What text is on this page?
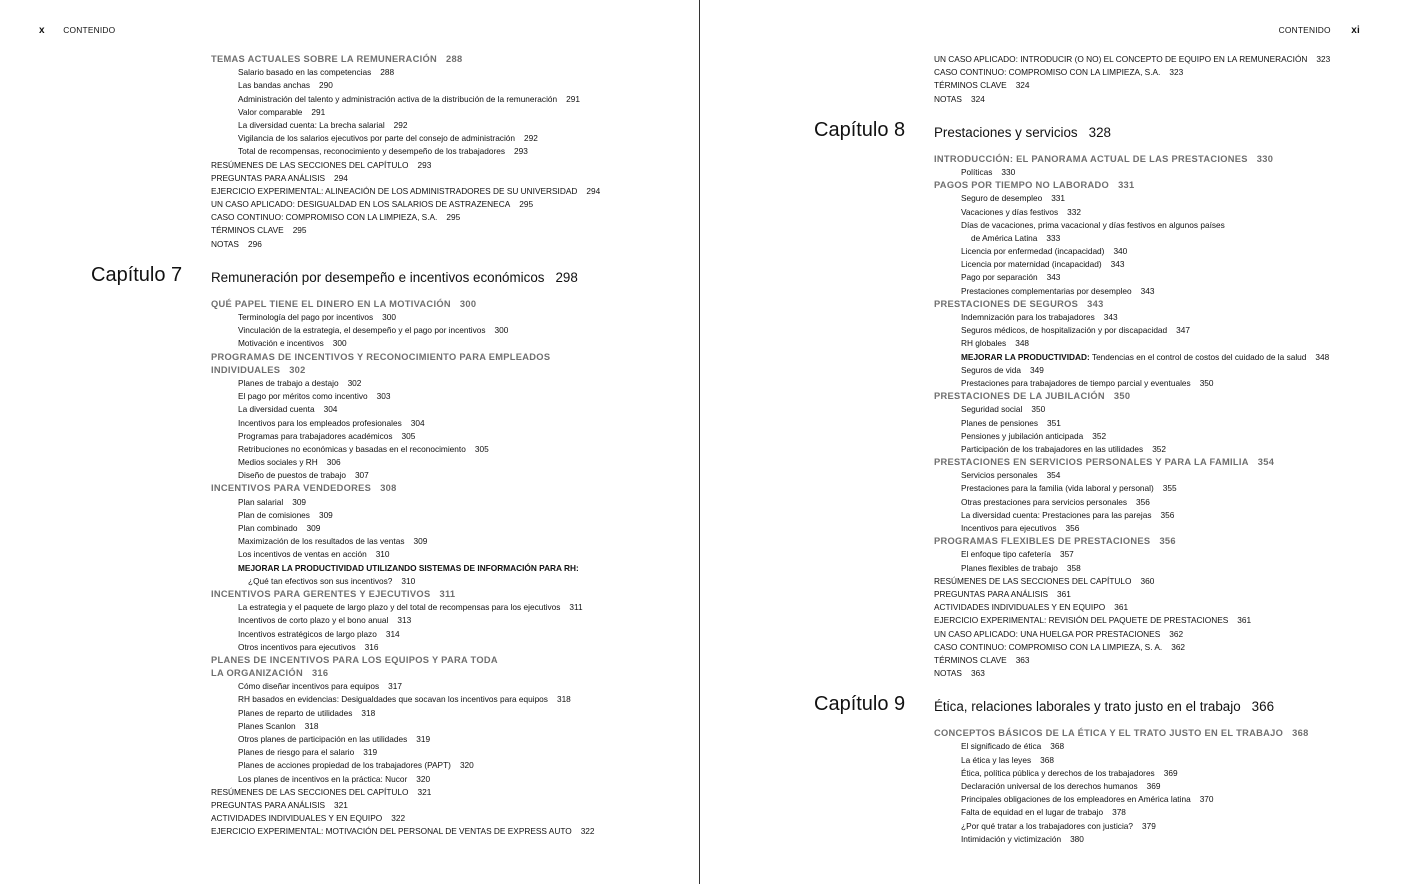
x CONTENIDO
TEMAS ACTUALES SOBRE LA REMUNERACIÓN 288
Salario basado en las competencias 288
Las bandas anchas 290
Administración del talento y administración activa de la distribución de la remuneración 291
Valor comparable 291
La diversidad cuenta: La brecha salarial 292
Vigilancia de los salarios ejecutivos por parte del consejo de administración 292
Total de recompensas, reconocimiento y desempeño de los trabajadores 293
RESÚMENES DE LAS SECCIONES DEL CAPÍTULO 293
PREGUNTAS PARA ANÁLISIS 294
EJERCICIO EXPERIMENTAL: ALINEACIÓN DE LOS ADMINISTRADORES DE SU UNIVERSIDAD 294
UN CASO APLICADO: DESIGUALDAD EN LOS SALARIOS DE ASTRAZENECA 295
CASO CONTINUO: COMPROMISO CON LA LIMPIEZA, S.A. 295
TÉRMINOS CLAVE 295
NOTAS 296
Capítulo 7 Remuneración por desempeño e incentivos económicos 298
QUÉ PAPEL TIENE EL DINERO EN LA MOTIVACIÓN 300
Terminología del pago por incentivos 300
Vinculación de la estrategia, el desempeño y el pago por incentivos 300
Motivación e incentivos 300
PROGRAMAS DE INCENTIVOS Y RECONOCIMIENTO PARA EMPLEADOS
INDIVIDUALES 302
Planes de trabajo a destajo 302
El pago por méritos como incentivo 303
La diversidad cuenta 304
Incentivos para los empleados profesionales 304
Programas para trabajadores académicos 305
Retribuciones no económicas y basadas en el reconocimiento 305
Medios sociales y RH 306
Diseño de puestos de trabajo 307
INCENTIVOS PARA VENDEDORES 308
Plan salarial 309
Plan de comisiones 309
Plan combinado 309
Maximización de los resultados de las ventas 309
Los incentivos de ventas en acción 310
MEJORAR LA PRODUCTIVIDAD UTILIZANDO SISTEMAS DE INFORMACIÓN PARA RH:
¿Qué tan efectivos son sus incentivos? 310
INCENTIVOS PARA GERENTES Y EJECUTIVOS 311
La estrategia y el paquete de largo plazo y del total de recompensas para los ejecutivos 311
Incentivos de corto plazo y el bono anual 313
Incentivos estratégicos de largo plazo 314
Otros incentivos para ejecutivos 316
PLANES DE INCENTIVOS PARA LOS EQUIPOS Y PARA TODA
LA ORGANIZACIÓN 316
Cómo diseñar incentivos para equipos 317
RH basados en evidencias: Desigualdades que socavan los incentivos para equipos 318
Planes de reparto de utilidades 318
Planes Scanlon 318
Otros planes de participación en las utilidades 319
Planes de riesgo para el salario 319
Planes de acciones propiedad de los trabajadores (PAPT) 320
Los planes de incentivos en la práctica: Nucor 320
RESÚMENES DE LAS SECCIONES DEL CAPÍTULO 321
PREGUNTAS PARA ANÁLISIS 321
ACTIVIDADES INDIVIDUALES Y EN EQUIPO 322
EJERCICIO EXPERIMENTAL: MOTIVACIÓN DEL PERSONAL DE VENTAS DE EXPRESS AUTO 322
CONTENIDO xi
UN CASO APLICADO: INTRODUCIR (O NO) EL CONCEPTO DE EQUIPO EN LA REMUNERACIÓN 323
CASO CONTINUO: COMPROMISO CON LA LIMPIEZA, S.A. 323
TÉRMINOS CLAVE 324
NOTAS 324
Capítulo 8 Prestaciones y servicios 328
INTRODUCCIÓN: EL PANORAMA ACTUAL DE LAS PRESTACIONES 330
Políticas 330
PAGOS POR TIEMPO NO LABORADO 331
Seguro de desempleo 331
Vacaciones y días festivos 332
Días de vacaciones, prima vacacional y días festivos en algunos países
de América Latina 333
Licencia por enfermedad (incapacidad) 340
Licencia por maternidad (incapacidad) 343
Pago por separación 343
Prestaciones complementarias por desempleo 343
PRESTACIONES DE SEGUROS 343
Indemnización para los trabajadores 343
Seguros médicos, de hospitalización y por discapacidad 347
RH globales 348
MEJORAR LA PRODUCTIVIDAD: Tendencias en el control de costos del cuidado de la salud 348
Seguros de vida 349
Prestaciones para trabajadores de tiempo parcial y eventuales 350
PRESTACIONES DE LA JUBILACIÓN 350
Seguridad social 350
Planes de pensiones 351
Pensiones y jubilación anticipada 352
Participación de los trabajadores en las utilidades 352
PRESTACIONES EN SERVICIOS PERSONALES Y PARA LA FAMILIA 354
Servicios personales 354
Prestaciones para la familia (vida laboral y personal) 355
Otras prestaciones para servicios personales 356
La diversidad cuenta: Prestaciones para las parejas 356
Incentivos para ejecutivos 356
PROGRAMAS FLEXIBLES DE PRESTACIONES 356
El enfoque tipo cafetería 357
Planes flexibles de trabajo 358
RESÚMENES DE LAS SECCIONES DEL CAPÍTULO 360
PREGUNTAS PARA ANÁLISIS 361
ACTIVIDADES INDIVIDUALES Y EN EQUIPO 361
EJERCICIO EXPERIMENTAL: REVISIÓN DEL PAQUETE DE PRESTACIONES 361
UN CASO APLICADO: UNA HUELGA POR PRESTACIONES 362
CASO CONTINUO: COMPROMISO CON LA LIMPIEZA, S. A. 362
TÉRMINOS CLAVE 363
NOTAS 363
Capítulo 9 Ética, relaciones laborales y trato justo en el trabajo 366
CONCEPTOS BÁSICOS DE LA ÉTICA Y EL TRATO JUSTO EN EL TRABAJO 368
El significado de ética 368
La ética y las leyes 368
Ética, política pública y derechos de los trabajadores 369
Declaración universal de los derechos humanos 369
Principales obligaciones de los empleadores en América latina 370
Falta de equidad en el lugar de trabajo 378
¿Por qué tratar a los trabajadores con justicia? 379
Intimidación y victimización 380
